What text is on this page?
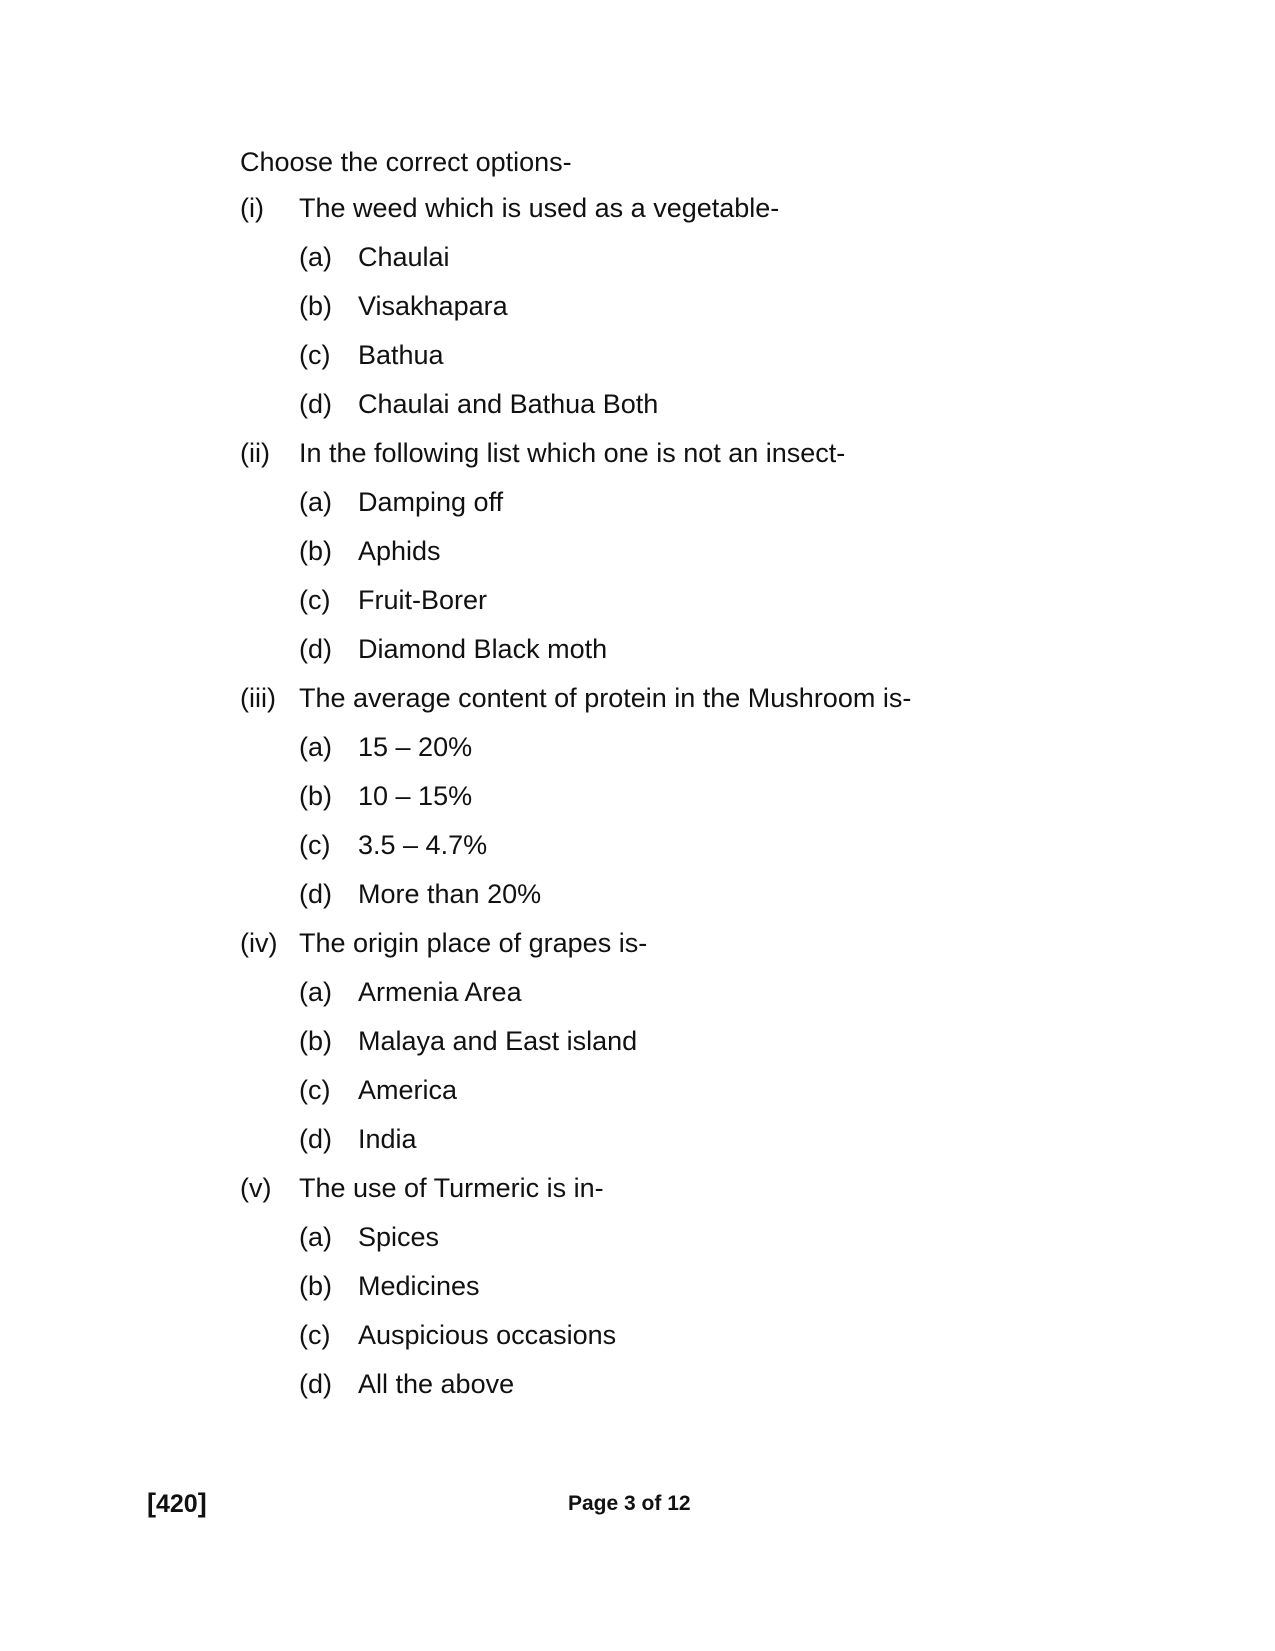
Choose the correct options-
(i) The weed which is used as a vegetable-
(a) Chaulai
(b) Visakhapara
(c) Bathua
(d) Chaulai and Bathua Both
(ii) In the following list which one is not an insect-
(a) Damping off
(b) Aphids
(c) Fruit-Borer
(d) Diamond Black moth
(iii) The average content of protein in the Mushroom is-
(a) 15 – 20%
(b) 10 – 15%
(c) 3.5 – 4.7%
(d) More than 20%
(iv) The origin place of grapes is-
(a) Armenia Area
(b) Malaya and East island
(c) America
(d) India
(v) The use of Turmeric is in-
(a) Spices
(b) Medicines
(c) Auspicious occasions
(d) All the above
[420]	Page 3 of 12
